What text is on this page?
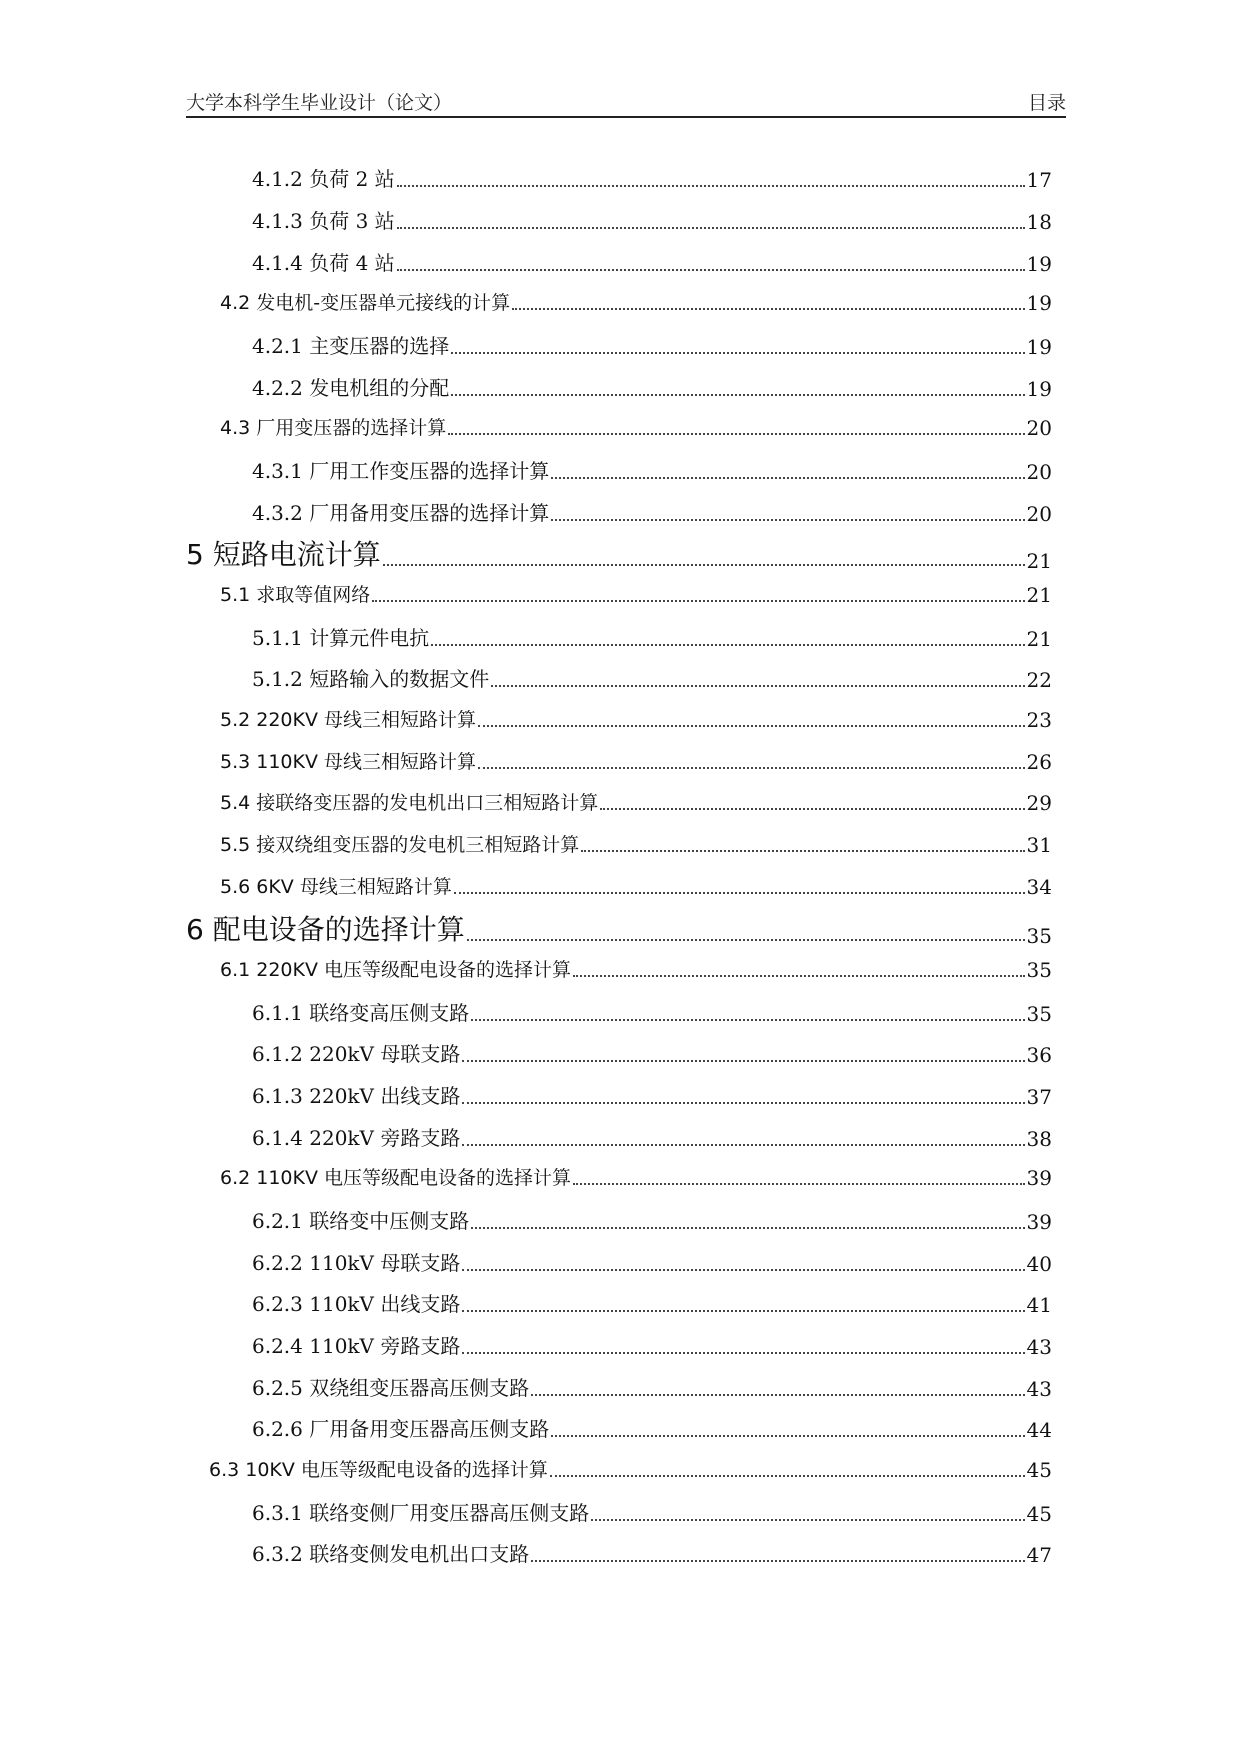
大学本科学生毕业设计（论文）	目录
4.1.2 负荷 2 站	17
4.1.3 负荷 3 站	18
4.1.4 负荷 4 站	19
4.2 发电机-变压器单元接线的计算	19
4.2.1 主变压器的选择	19
4.2.2 发电机组的分配	19
4.3 厂用变压器的选择计算	20
4.3.1 厂用工作变压器的选择计算	20
4.3.2 厂用备用变压器的选择计算	20
5 短路电流计算	21
5.1 求取等值网络	21
5.1.1 计算元件电抗	21
5.1.2 短路输入的数据文件	22
5.2 220KV 母线三相短路计算	23
5.3 110KV 母线三相短路计算	26
5.4 接联络变压器的发电机出口三相短路计算	29
5.5 接双绕组变压器的发电机三相短路计算	31
5.6 6KV 母线三相短路计算	34
6 配电设备的选择计算	35
6.1 220KV 电压等级配电设备的选择计算	35
6.1.1 联络变高压侧支路	35
6.1.2 220kV 母联支路	36
6.1.3 220kV 出线支路	37
6.1.4 220kV 旁路支路	38
6.2 110KV 电压等级配电设备的选择计算	39
6.2.1 联络变中压侧支路	39
6.2.2 110kV 母联支路	40
6.2.3 110kV 出线支路	41
6.2.4 110kV 旁路支路	43
6.2.5 双绕组变压器高压侧支路	43
6.2.6 厂用备用变压器高压侧支路	44
6.3 10KV 电压等级配电设备的选择计算	45
6.3.1 联络变侧厂用变压器高压侧支路	45
6.3.2 联络变侧发电机出口支路	47
